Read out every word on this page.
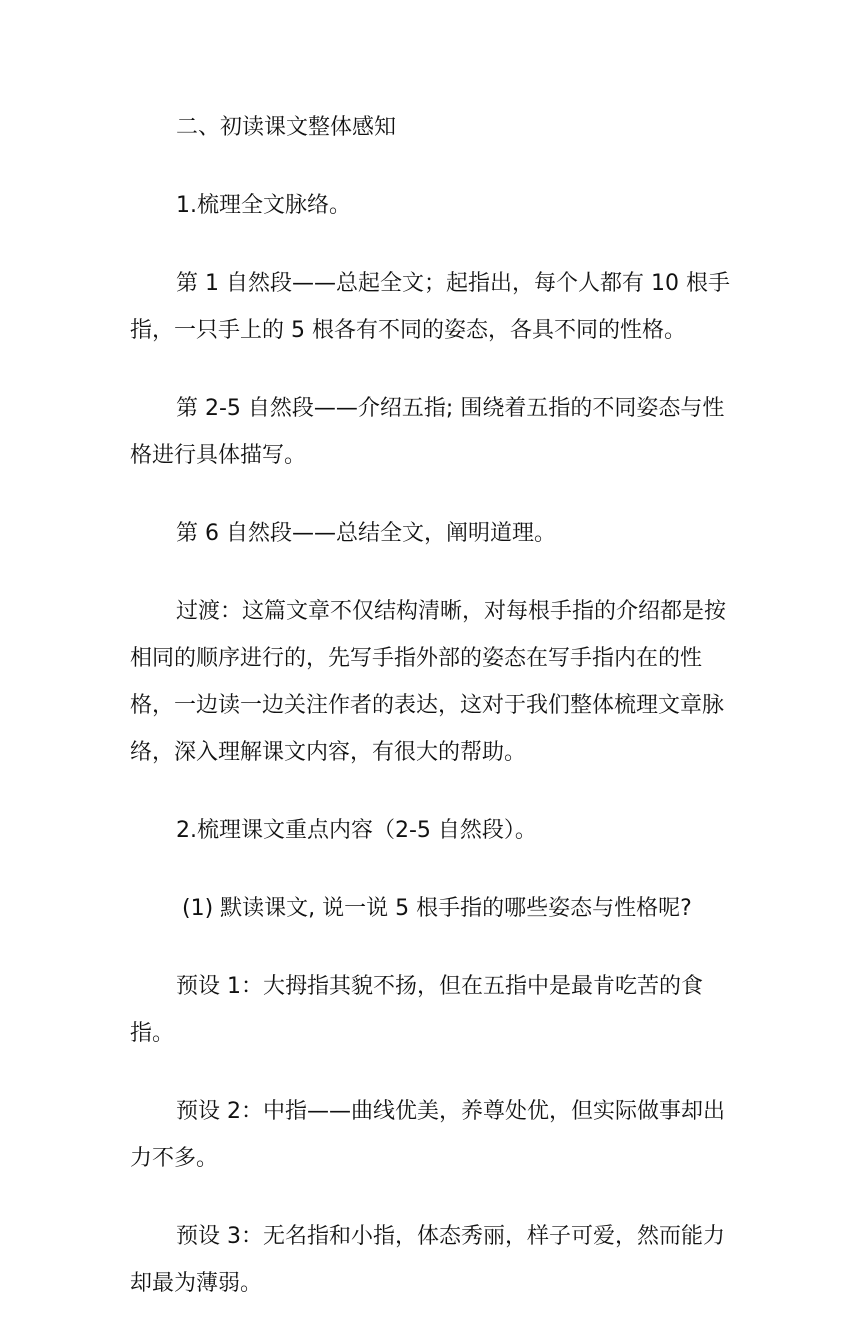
二、初读课文整体感知

1.梳理全文脉络。

第 1 自然段——总起全文；起指出，每个人都有 10 根手指，一只手上的 5 根各有不同的姿态，各具不同的性格。

第 2-5 自然段——介绍五指; 围绕着五指的不同姿态与性格进行具体描写。

第 6 自然段——总结全文，阐明道理。

过渡：这篇文章不仅结构清晰，对每根手指的介绍都是按相同的顺序进行的，先写手指外部的姿态在写手指内在的性格，一边读一边关注作者的表达，这对于我们整体梳理文章脉络，深入理解课文内容，有很大的帮助。

2.梳理课文重点内容（2-5 自然段）。

(1) 默读课文, 说一说 5 根手指的哪些姿态与性格呢?

预设 1：大拇指其貌不扬，但在五指中是最肯吃苦的食指。

预设 2：中指——曲线优美，养尊处优，但实际做事却出力不多。

预设 3：无名指和小指，体态秀丽，样子可爱，然而能力却最为薄弱。
